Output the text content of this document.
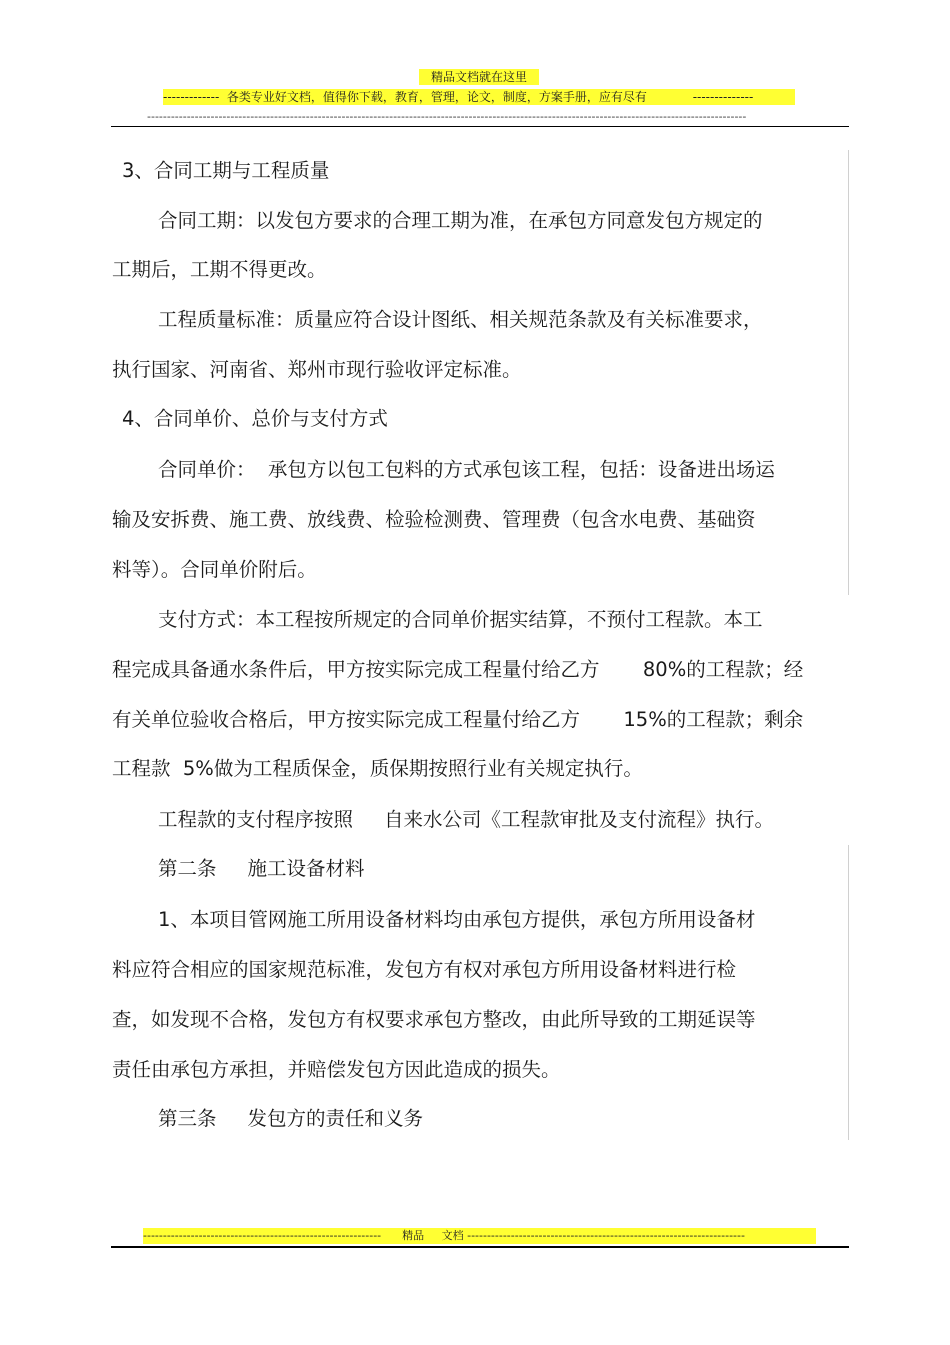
精品文档就在这里
-------------  各类专业好文档，值得你下载，教育，管理，论文，制度，方案手册，应有尽有            --------------
-------------------------------------------------------------------------------------------------------------------------------------------------------
3、合同工期与工程质量
合同工期：以发包方要求的合理工期为准，在承包方同意发包方规定的
工期后，工期不得更改。
工程质量标准：质量应符合设计图纸、相关规范条款及有关标准要求，
执行国家、河南省、郑州市现行验收评定标准。
4、合同单价、总价与支付方式
合同单价：  承包方以包工包料的方式承包该工程，包括：设备进出场运
输及安拆费、施工费、放线费、检验检测费、管理费（包含水电费、基础资
料等）。合同单价附后。
支付方式：本工程按所规定的合同单价据实结算，不预付工程款。本工
程完成具备通水条件后，甲方按实际完成工程量付给乙方       80%的工程款；经
有关单位验收合格后，甲方按实际完成工程量付给乙方       15%的工程款；剩余
工程款  5%做为工程质保金，质保期按照行业有关规定执行。
工程款的支付程序按照     自来水公司《工程款审批及支付流程》执行。
第二条     施工设备材料
1、本项目管网施工所用设备材料均由承包方提供，承包方所用设备材
料应符合相应的国家规范标准，发包方有权对承包方所用设备材料进行检
查，如发现不合格，发包方有权要求承包方整改，由此所导致的工期延误等
责任由承包方承担，并赔偿发包方因此造成的损失。
第三条     发包方的责任和义务
------------------------------------------------------------      精品     文档 ----------------------------------------------------------------------
